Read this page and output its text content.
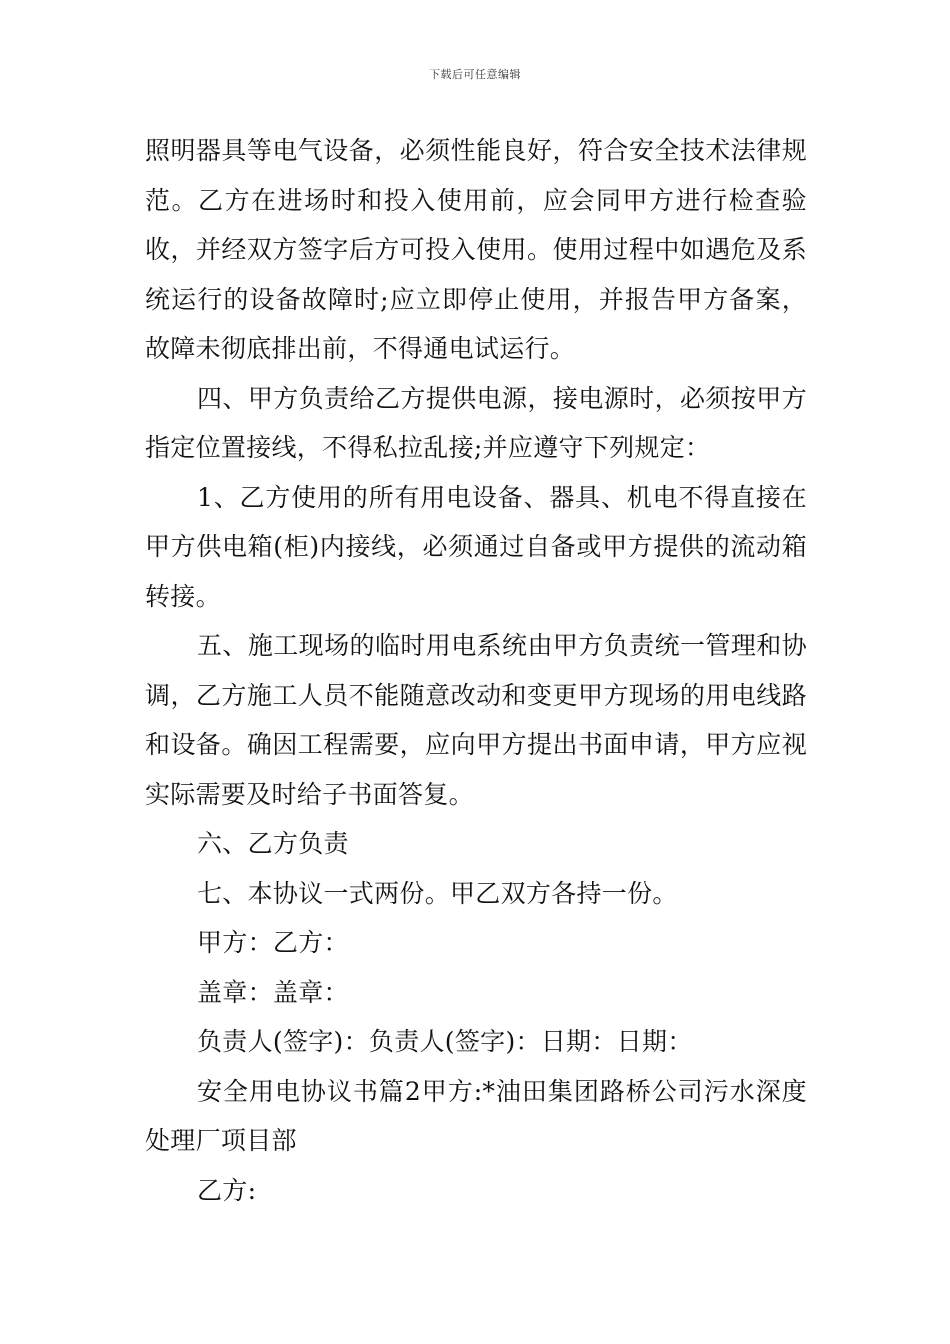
下载后可任意编辑

照明器具等电气设备，必须性能良好，符合安全技术法律规范。乙方在进场时和投入使用前，应会同甲方进行检查验收，并经双方签字后方可投入使用。使用过程中如遇危及系统运行的设备故障时;应立即停止使用，并报告甲方备案，故障未彻底排出前，不得通电试运行。

四、甲方负责给乙方提供电源，接电源时，必须按甲方指定位置接线，不得私拉乱接;并应遵守下列规定：

1、乙方使用的所有用电设备、器具、机电不得直接在甲方供电箱(柜)内接线，必须通过自备或甲方提供的流动箱转接。

五、施工现场的临时用电系统由甲方负责统一管理和协调，乙方施工人员不能随意改动和变更甲方现场的用电线路和设备。确因工程需要，应向甲方提出书面申请，甲方应视实际需要及时给子书面答复。

六、乙方负责

七、本协议一式两份。甲乙双方各持一份。

甲方：乙方：

盖章：盖章：

负责人(签字)：负责人(签字)：日期：日期：

安全用电协议书篇2甲方:*油田集团路桥公司污水深度处理厂项目部

乙方:
